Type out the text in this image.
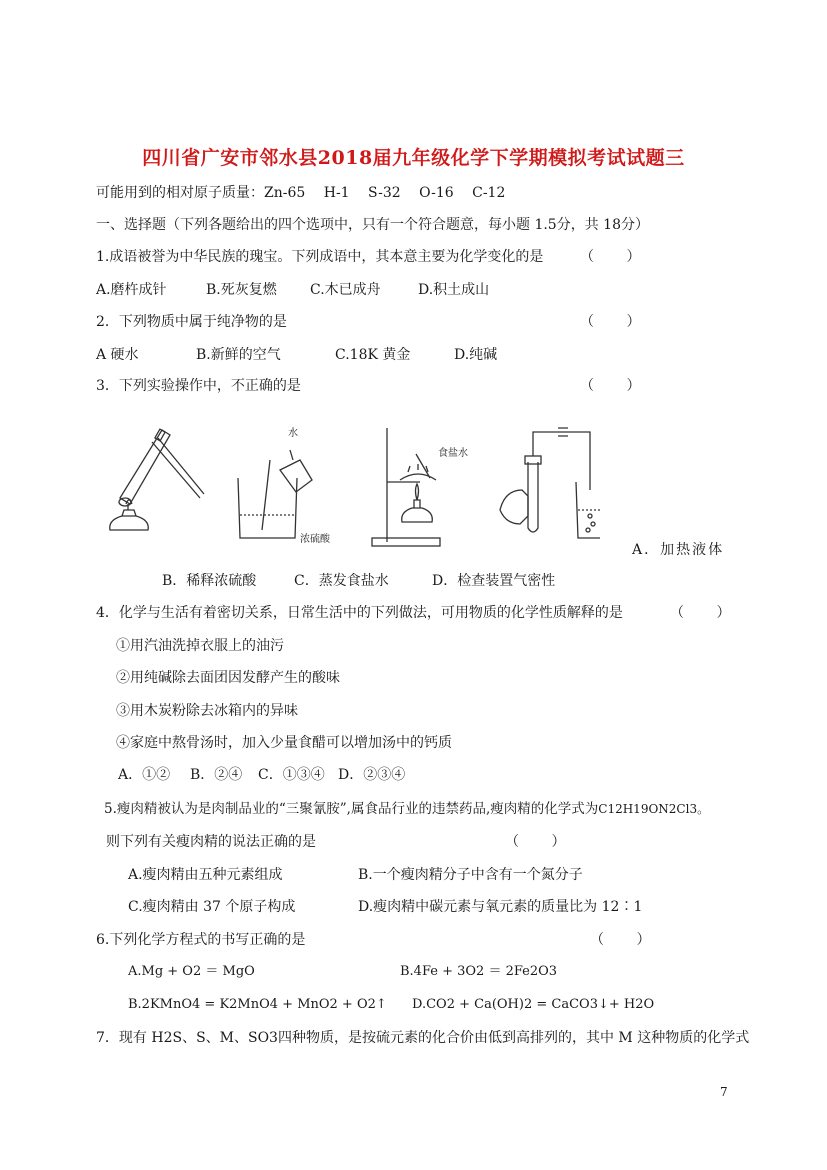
四川省广安市邻水县2018届九年级化学下学期模拟考试试题三
可能用到的相对原子质量：Zn-65　 H-1　 S-32　 O-16　 C-12
一、选择题（下列各题给出的四个选项中，只有一个符合题意，每小题 1.5分，共 18分）
1.成语被誉为中华民族的瑰宝。下列成语中，其本意主要为化学变化的是	（　　 ）
A.磨杵成针	B.死灰复燃 C.木已成舟	D.积土成山
2．下列物质中属于纯净物的是	（　　 ）
A 硬水	B.新鲜的空气	C.18K 黄金	D.纯碱
3．下列实验操作中，不正确的是	（　　 ）
水
浓硫酸
食盐水
A．加热液体
B．稀释浓硫酸	C．蒸发食盐水	D．检查装置气密性
4．化学与生活有着密切关系，日常生活中的下列做法，可用物质的化学性质解释的是	（　　 ）
①用汽油洗掉衣服上的油污
②用纯碱除去面团因发酵产生的酸味
③用木炭粉除去冰箱内的异味
④家庭中熬骨汤时，加入少量食醋可以增加汤中的钙质
A．①② B．②④ C．①③④ D．②③④
5.瘦肉精被认为是肉制品业的“三聚氰胺”,属食品行业的违禁药品,瘦肉精的化学式为C12H19ON2Cl3。
则下列有关瘦肉精的说法正确的是	（　　 ）
A.瘦肉精由五种元素组成	B.一个瘦肉精分子中含有一个氮分子
C.瘦肉精由 37 个原子构成	D.瘦肉精中碳元素与氧元素的质量比为 12∶1
6.下列化学方程式的书写正确的是	（　　 ）
A.Mg + O2 ＝ MgO	B.4Fe + 3O2 ＝ 2Fe2O3
B.2KMnO4 = K2MnO4 + MnO2 + O2↑ D.CO2 + Ca(OH)2 = CaCO3↓+ H2O
7．现有 H2S、S、M、SO3四种物质，是按硫元素的化合价由低到高排列的，其中 M 这种物质的化学式
7
